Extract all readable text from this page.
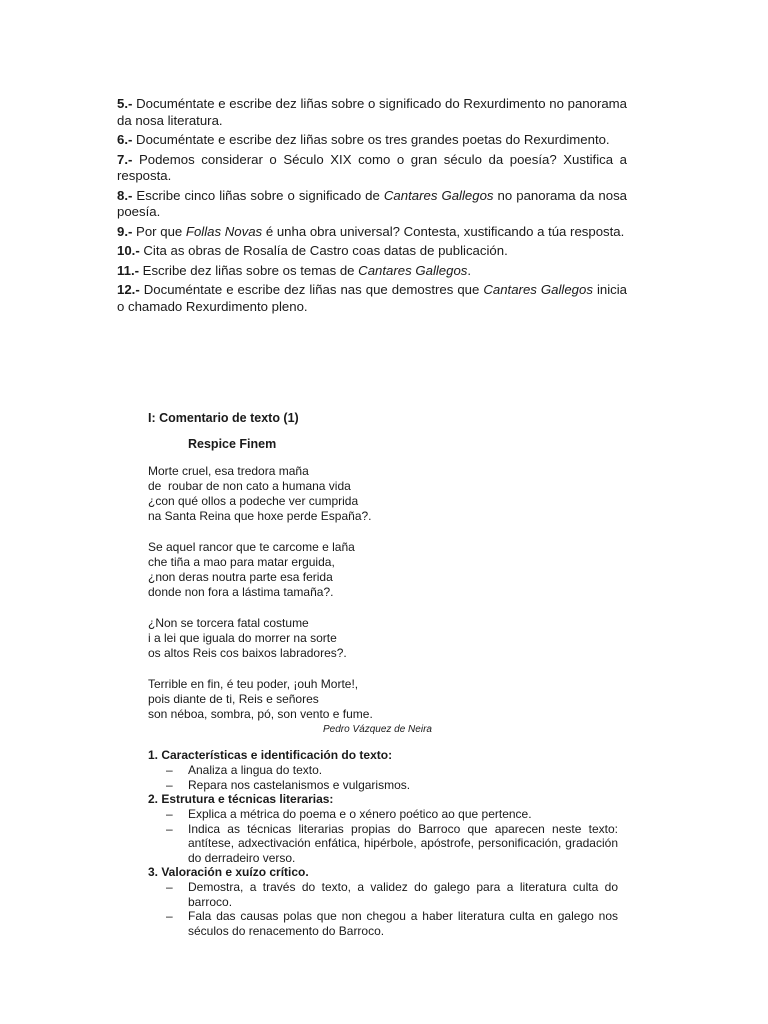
5.- Documéntate e escribe dez liñas sobre o significado do Rexurdimento no panorama da nosa literatura.

6.- Documéntate e escribe dez liñas sobre os tres grandes poetas do Rexurdimento.

7.- Podemos considerar o Século XIX como o gran século da poesía? Xustifica a resposta.

8.- Escribe cinco liñas sobre o significado de Cantares Gallegos no panorama da nosa poesía.

9.- Por que Follas Novas é unha obra universal? Contesta, xustificando a túa resposta.

10.- Cita as obras de Rosalía de Castro coas datas de publicación.

11.- Escribe dez liñas sobre os temas de Cantares Gallegos.

12.- Documéntate e escribe dez liñas nas que demostres que Cantares Gallegos inicia o chamado Rexurdimento pleno.

I: Comentario de texto (1)

Respice Finem

Morte cruel, esa tredora maña

de  roubar de non cato a humana vida

¿con qué ollos a podeche ver cumprida

na Santa Reina que hoxe perde España?.

Se aquel rancor que te carcome e laña

che tiña a mao para matar erguida,

¿non deras noutra parte esa ferida

donde non fora a lástima tamaña?.

¿Non se torcera fatal costume

i a lei que iguala do morrer na sorte

os altos Reis cos baixos labradores?.

Terrible en fin, é teu poder, ¡ouh Morte!,

pois diante de ti, Reis e señores

son néboa, sombra, pó, son vento e fume.

Pedro Vázquez de Neira

1. Características e identificación do texto:

– Analiza a lingua do texto.
– Repara nos castelanismos e vulgarismos.

2. Estrutura e técnicas literarias:

– Explica a métrica do poema e o xénero poético ao que pertence.
– Indica as técnicas literarias propias do Barroco que aparecen neste texto: antítese, adxectivación enfática, hipérbole, apóstrofe, personificación, gradación do derradeiro verso.

3. Valoración e xuízo crítico.

– Demostra, a través do texto, a validez do galego para a literatura culta do barroco.
– Fala das causas polas que non chegou a haber literatura culta en galego nos séculos do renacemento do Barroco.
